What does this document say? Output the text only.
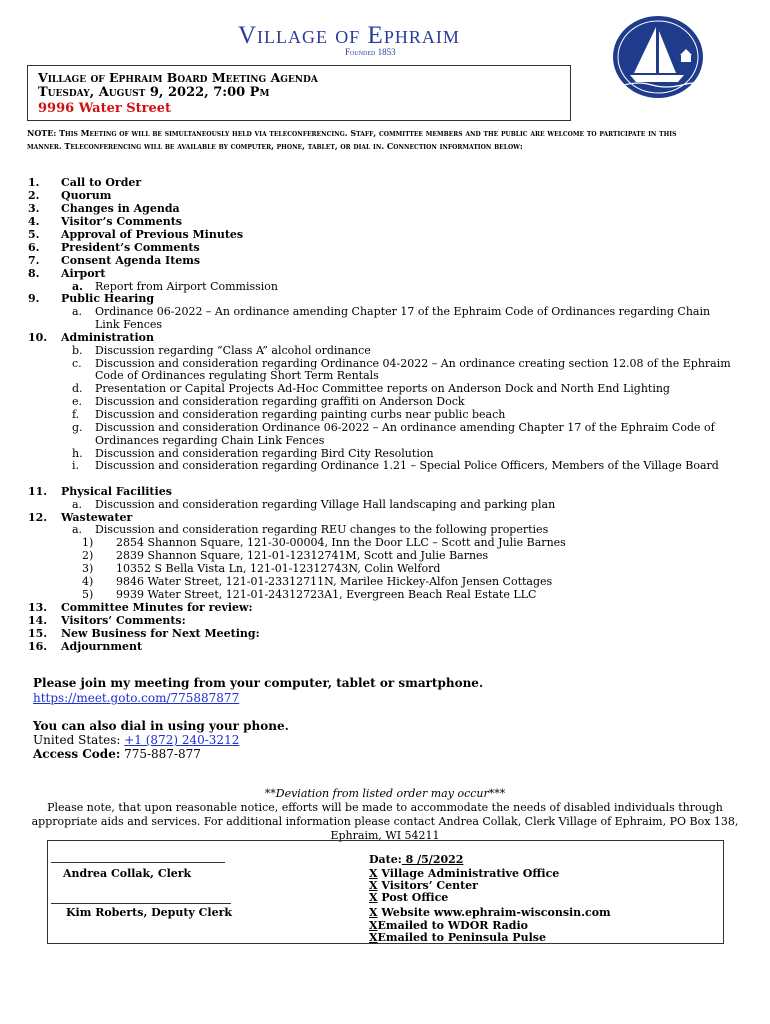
Village of Ephraim
Founded 1853
Village of Ephraim Board Meeting Agenda
Tuesday, August 9, 2022, 7:00 Pm
9996 Water Street
NOTE: This Meeting of will be simultaneously held via teleconferencing. Staff, committee members and the public are welcome to participate in this manner. Teleconferencing will be available by computer, phone, tablet, or dial in. Connection information below:
1. Call to Order
2. Quorum
3. Changes in Agenda
4. Visitor’s Comments
5. Approval of Previous Minutes
6. President’s Comments
7. Consent Agenda Items
8. Airport
a. Report from Airport Commission
9. Public Hearing
a. Ordinance 06-2022 – An ordinance amending Chapter 17 of the Ephraim Code of Ordinances regarding Chain
Link Fences
10. Administration
b. Discussion regarding “Class A” alcohol ordinance
c. Discussion and consideration regarding Ordinance 04-2022 – An ordinance creating section 12.08 of the Ephraim
Code of Ordinances regulating Short Term Rentals
d. Presentation or Capital Projects Ad-Hoc Committee reports on Anderson Dock and North End Lighting
e. Discussion and consideration regarding graffiti on Anderson Dock
f. Discussion and consideration regarding painting curbs near public beach
g. Discussion and consideration Ordinance 06-2022 – An ordinance amending Chapter 17 of the Ephraim Code of
Ordinances regarding Chain Link Fences
h. Discussion and consideration regarding Bird City Resolution
i. Discussion and consideration regarding Ordinance 1.21 – Special Police Officers, Members of the Village Board
11. Physical Facilities
a. Discussion and consideration regarding Village Hall landscaping and parking plan
12. Wastewater
a. Discussion and consideration regarding REU changes to the following properties
1) 2854 Shannon Square, 121-30-00004, Inn the Door LLC – Scott and Julie Barnes
2) 2839 Shannon Square, 121-01-12312741M, Scott and Julie Barnes
3) 10352 S Bella Vista Ln, 121-01-12312743N, Colin Welford
4) 9846 Water Street, 121-01-23312711N, Marilee Hickey-Alfon Jensen Cottages
5) 9939 Water Street, 121-01-24312723A1, Evergreen Beach Real Estate LLC
13. Committee Minutes for review:
14. Visitors’ Comments:
15. New Business for Next Meeting:
16. Adjournment
Please join my meeting from your computer, tablet or smartphone.
https://meet.goto.com/775887877
You can also dial in using your phone.
United States: +1 (872) 240-3212
Access Code: 775-887-877
**Deviation from listed order may occur***
Please note, that upon reasonable notice, efforts will be made to accommodate the needs of disabled individuals through appropriate aids and services. For additional information please contact Andrea Collak, Clerk Village of Ephraim, PO Box 138, Ephraim, WI 54211
Andrea Collak, Clerk
Kim Roberts, Deputy Clerk
Date: 8 /5/2022
X Village Administrative Office
X Visitors’ Center
X Post Office
X Website www.ephraim-wisconsin.com
XEmailed to WDOR Radio
XEmailed to Peninsula Pulse
